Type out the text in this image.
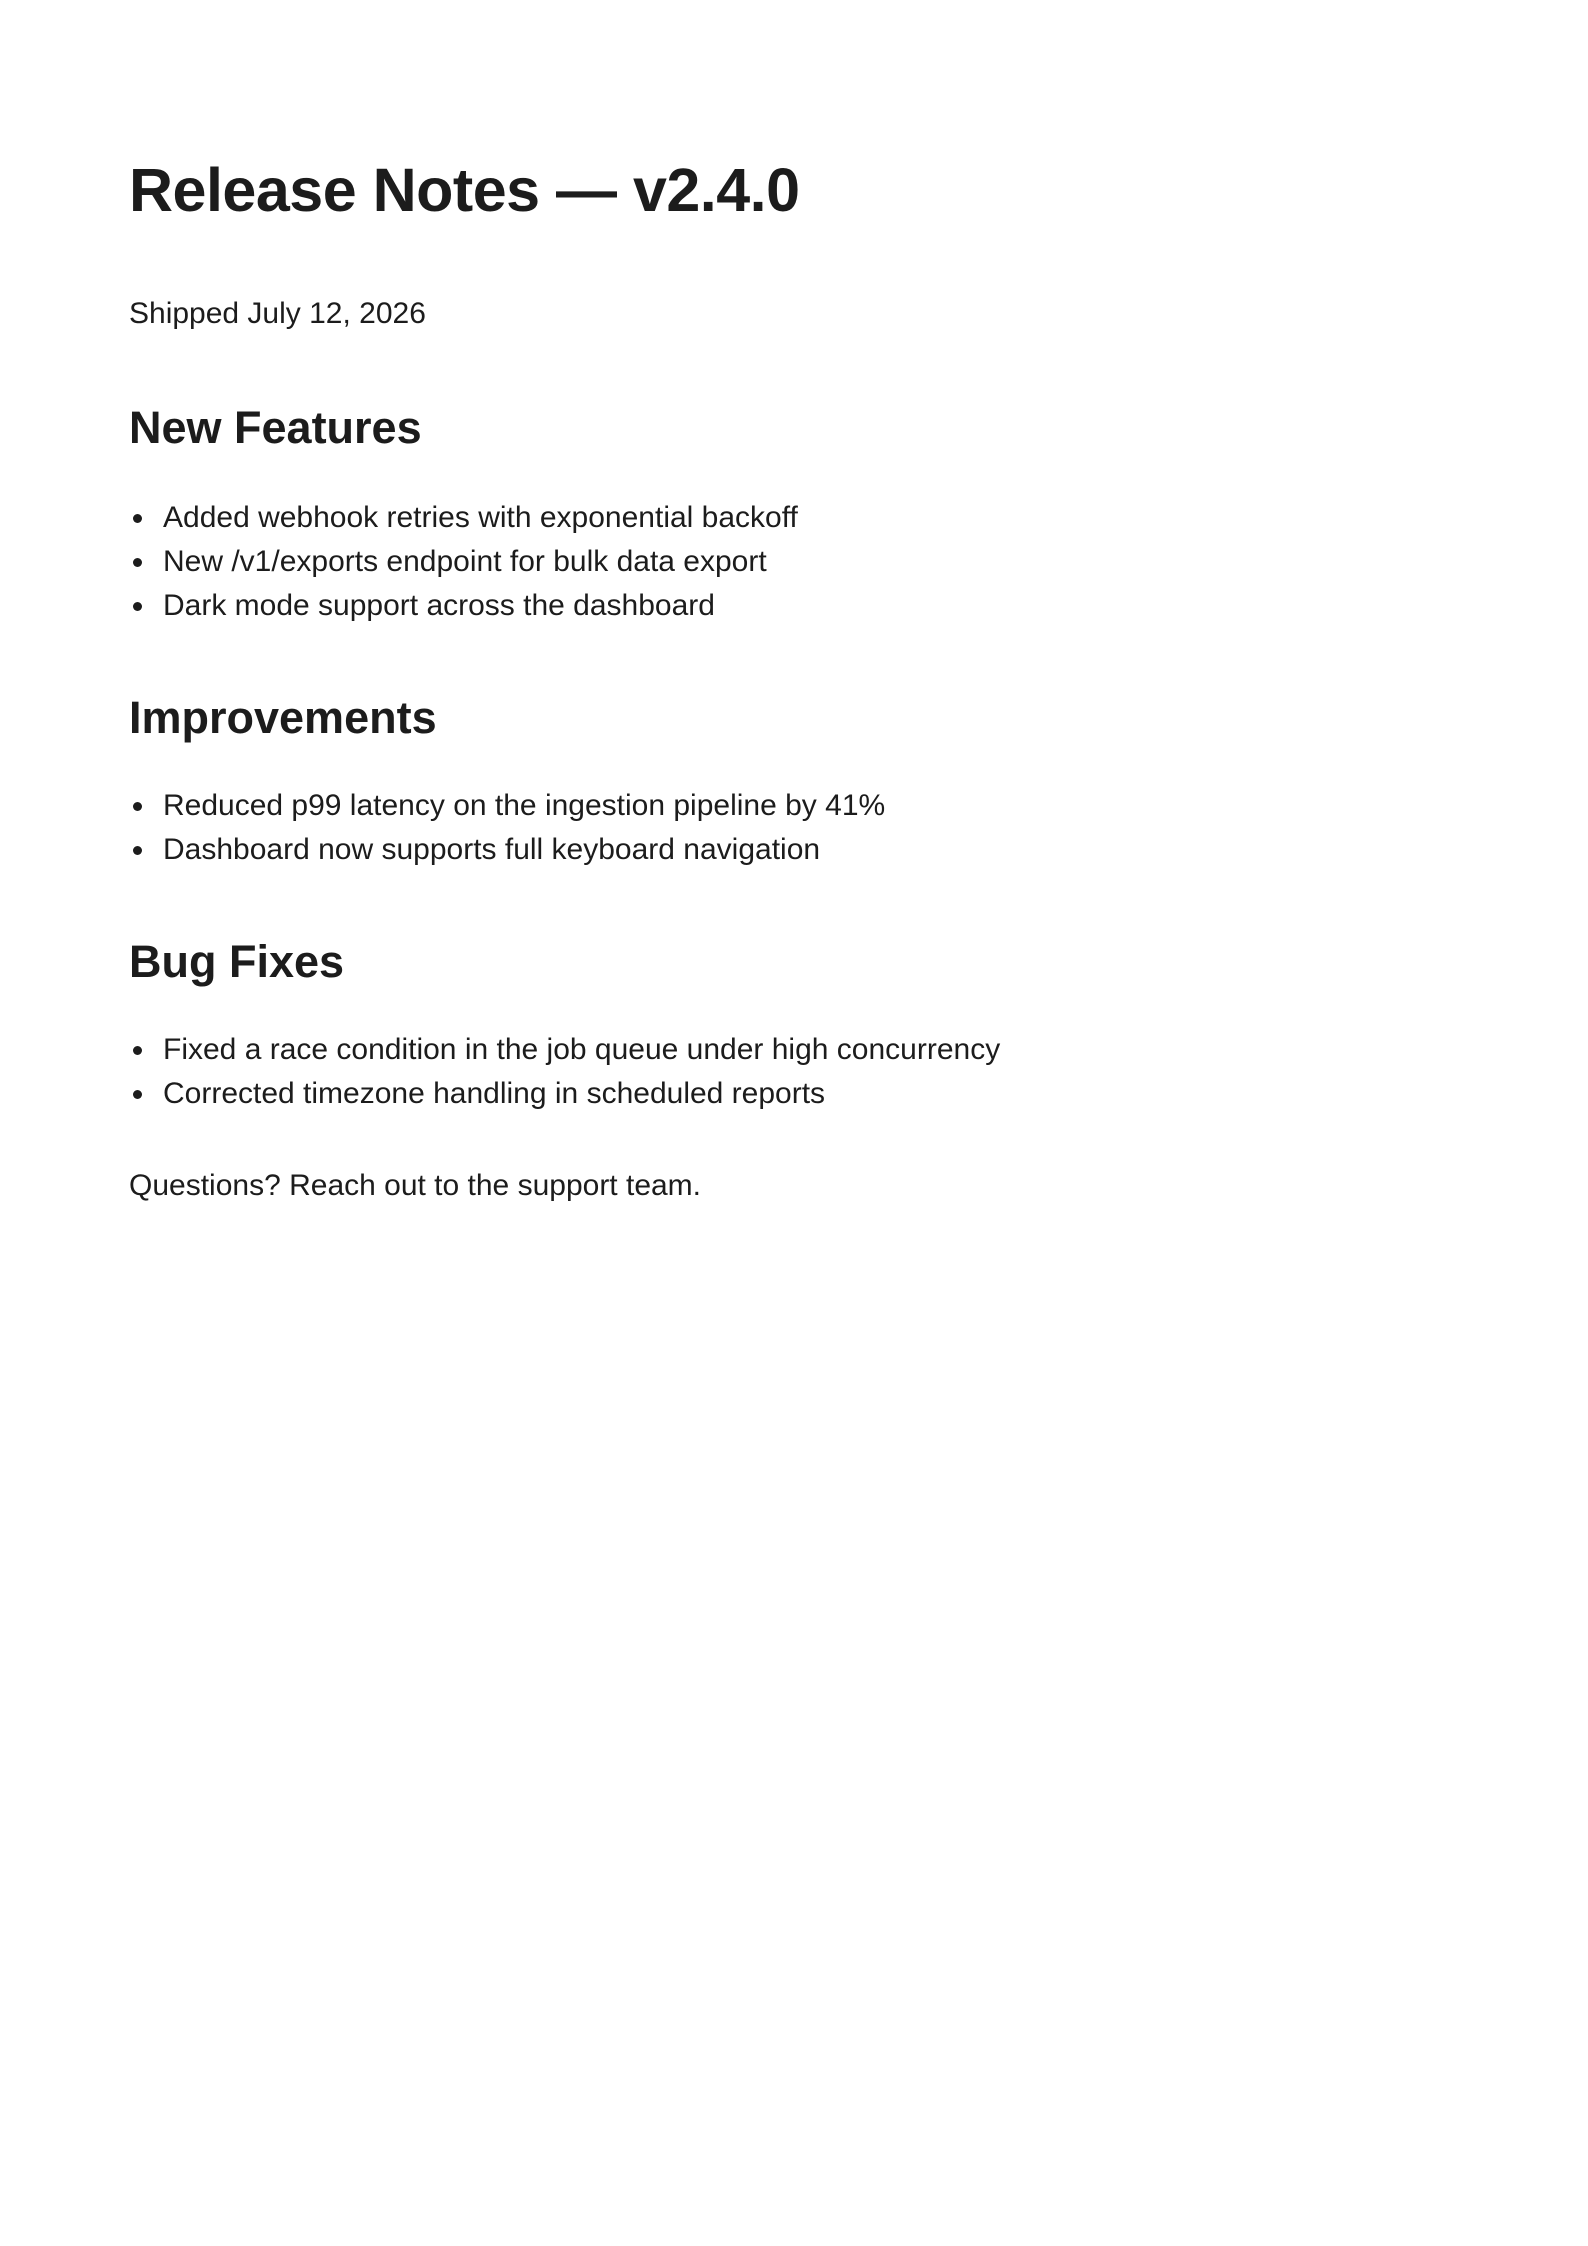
Release Notes — v2.4.0

Shipped July 12, 2026

New Features
Added webhook retries with exponential backoff
New /v1/exports endpoint for bulk data export
Dark mode support across the dashboard
Improvements
Reduced p99 latency on the ingestion pipeline by 41%
Dashboard now supports full keyboard navigation
Bug Fixes
Fixed a race condition in the job queue under high concurrency
Corrected timezone handling in scheduled reports

Questions? Reach out to the support team.
